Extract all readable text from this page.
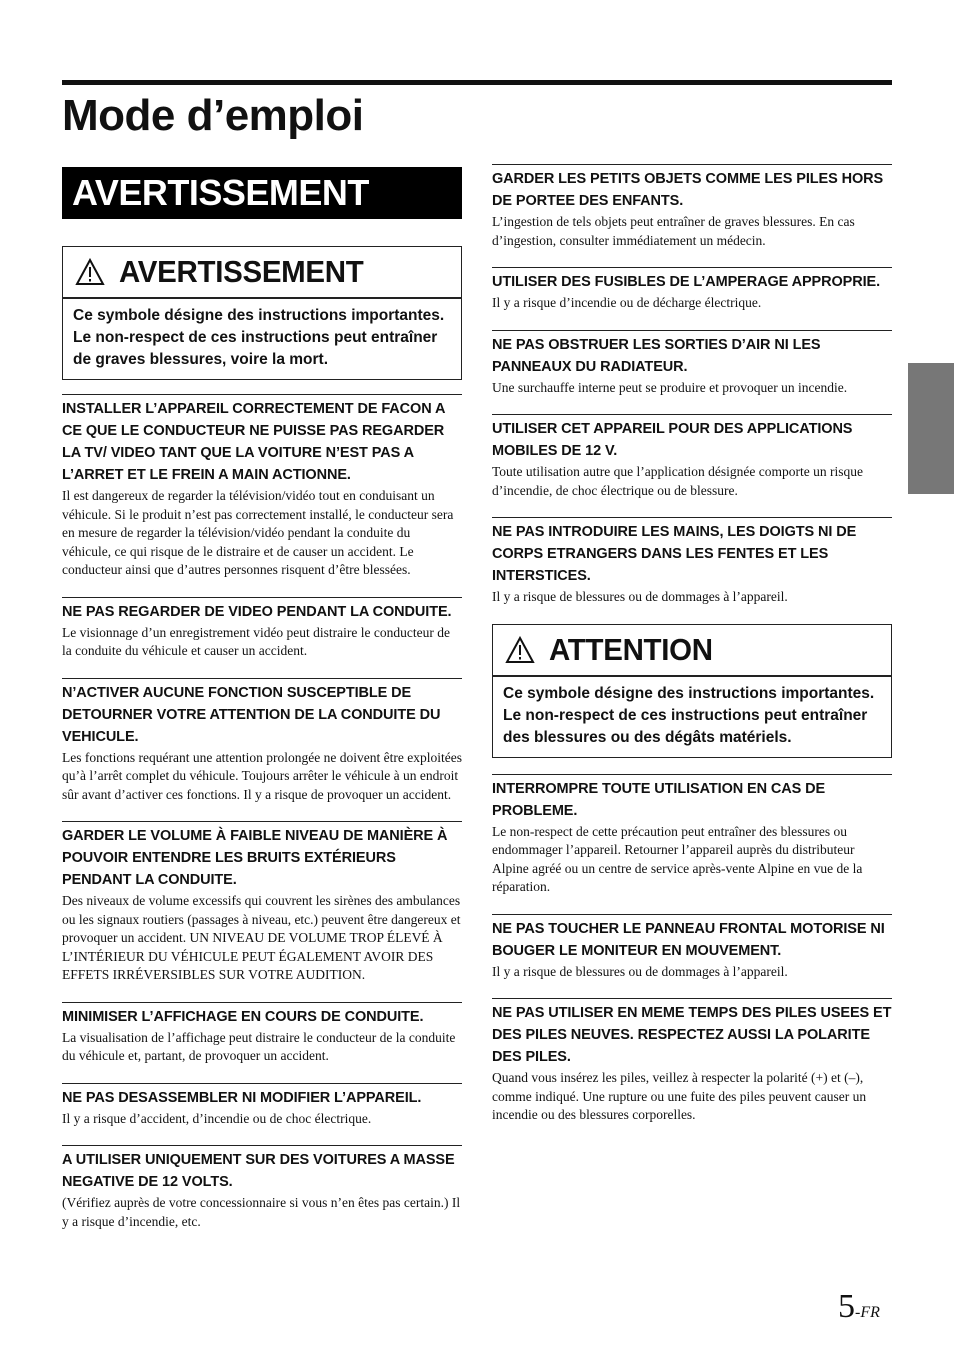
Mode d’emploi
AVERTISSEMENT
AVERTISSEMENT
Ce symbole désigne des instructions importantes. Le non-respect de ces instructions peut entraîner de graves blessures, voire la mort.
INSTALLER L’APPAREIL CORRECTEMENT DE FACON A CE QUE LE CONDUCTEUR NE PUISSE PAS REGARDER LA TV/ VIDEO TANT QUE LA VOITURE N’EST PAS A L’ARRET ET LE FREIN A MAIN ACTIONNE.
Il est dangereux de regarder la télévision/vidéo tout en conduisant un véhicule. Si le produit n’est pas correctement installé, le conducteur sera en mesure de regarder la télévision/vidéo pendant la conduite du véhicule, ce qui risque de le distraire et de causer un accident. Le conducteur ainsi que d’autres personnes risquent d’être blessées.
NE PAS REGARDER DE VIDEO PENDANT LA CONDUITE.
Le visionnage d’un enregistrement vidéo peut distraire le conducteur de la conduite du véhicule et causer un accident.
N’ACTIVER AUCUNE FONCTION SUSCEPTIBLE DE DETOURNER VOTRE ATTENTION DE LA CONDUITE DU VEHICULE.
Les fonctions requérant une attention prolongée ne doivent être exploitées qu’à l’arrêt complet du véhicule. Toujours arrêter le véhicule à un endroit sûr avant d’activer ces fonctions. Il y a risque de provoquer un accident.
GARDER LE VOLUME À FAIBLE NIVEAU DE MANIÈRE À POUVOIR ENTENDRE LES BRUITS EXTÉRIEURS PENDANT LA CONDUITE.
Des niveaux de volume excessifs qui couvrent les sirènes des ambulances ou les signaux routiers (passages à niveau, etc.) peuvent être dangereux et provoquer un accident. UN NIVEAU DE VOLUME TROP ÉLEVÉ À L’INTÉRIEUR DU VÉHICULE PEUT ÉGALEMENT AVOIR DES EFFETS IRRÉVERSIBLES SUR VOTRE AUDITION.
MINIMISER L’AFFICHAGE EN COURS DE CONDUITE.
La visualisation de l’affichage peut distraire le conducteur de la conduite du véhicule et, partant, de provoquer un accident.
NE PAS DESASSEMBLER NI MODIFIER L’APPAREIL.
Il y a risque d’accident, d’incendie ou de choc électrique.
A UTILISER UNIQUEMENT SUR DES VOITURES A MASSE NEGATIVE DE 12 VOLTS.
(Vérifiez auprès de votre concessionnaire si vous n’en êtes pas certain.) Il y a risque d’incendie, etc.
GARDER LES PETITS OBJETS COMME LES PILES HORS DE PORTEE DES ENFANTS.
L’ingestion de tels objets peut entraîner de graves blessures. En cas d’ingestion, consulter immédiatement un médecin.
UTILISER DES FUSIBLES DE L’AMPERAGE APPROPRIE.
Il y a risque d’incendie ou de décharge électrique.
NE PAS OBSTRUER LES SORTIES D’AIR NI LES PANNEAUX DU RADIATEUR.
Une surchauffe interne peut se produire et provoquer un incendie.
UTILISER CET APPAREIL POUR DES APPLICATIONS MOBILES DE 12 V.
Toute utilisation autre que l’application désignée comporte un risque d’incendie, de choc électrique ou de blessure.
NE PAS INTRODUIRE LES MAINS, LES DOIGTS NI DE CORPS ETRANGERS DANS LES FENTES ET LES INTERSTICES.
Il y a risque de blessures ou de dommages à l’appareil.
ATTENTION
Ce symbole désigne des instructions importantes. Le non-respect de ces instructions peut entraîner des blessures ou des dégâts matériels.
INTERROMPRE TOUTE UTILISATION EN CAS DE PROBLEME.
Le non-respect de cette précaution peut entraîner des blessures ou endommager l’appareil. Retourner l’appareil auprès du distributeur Alpine agréé ou un centre de service après-vente Alpine en vue de la réparation.
NE PAS TOUCHER LE PANNEAU FRONTAL MOTORISE NI BOUGER LE MONITEUR EN MOUVEMENT.
Il y a risque de blessures ou de dommages à l’appareil.
NE PAS UTILISER EN MEME TEMPS DES PILES USEES ET DES PILES NEUVES. RESPECTEZ AUSSI LA POLARITE DES PILES.
Quand vous insérez les piles, veillez à respecter la polarité (+) et (–), comme indiqué. Une rupture ou une fuite des piles peuvent causer un incendie ou des blessures corporelles.
5-FR
